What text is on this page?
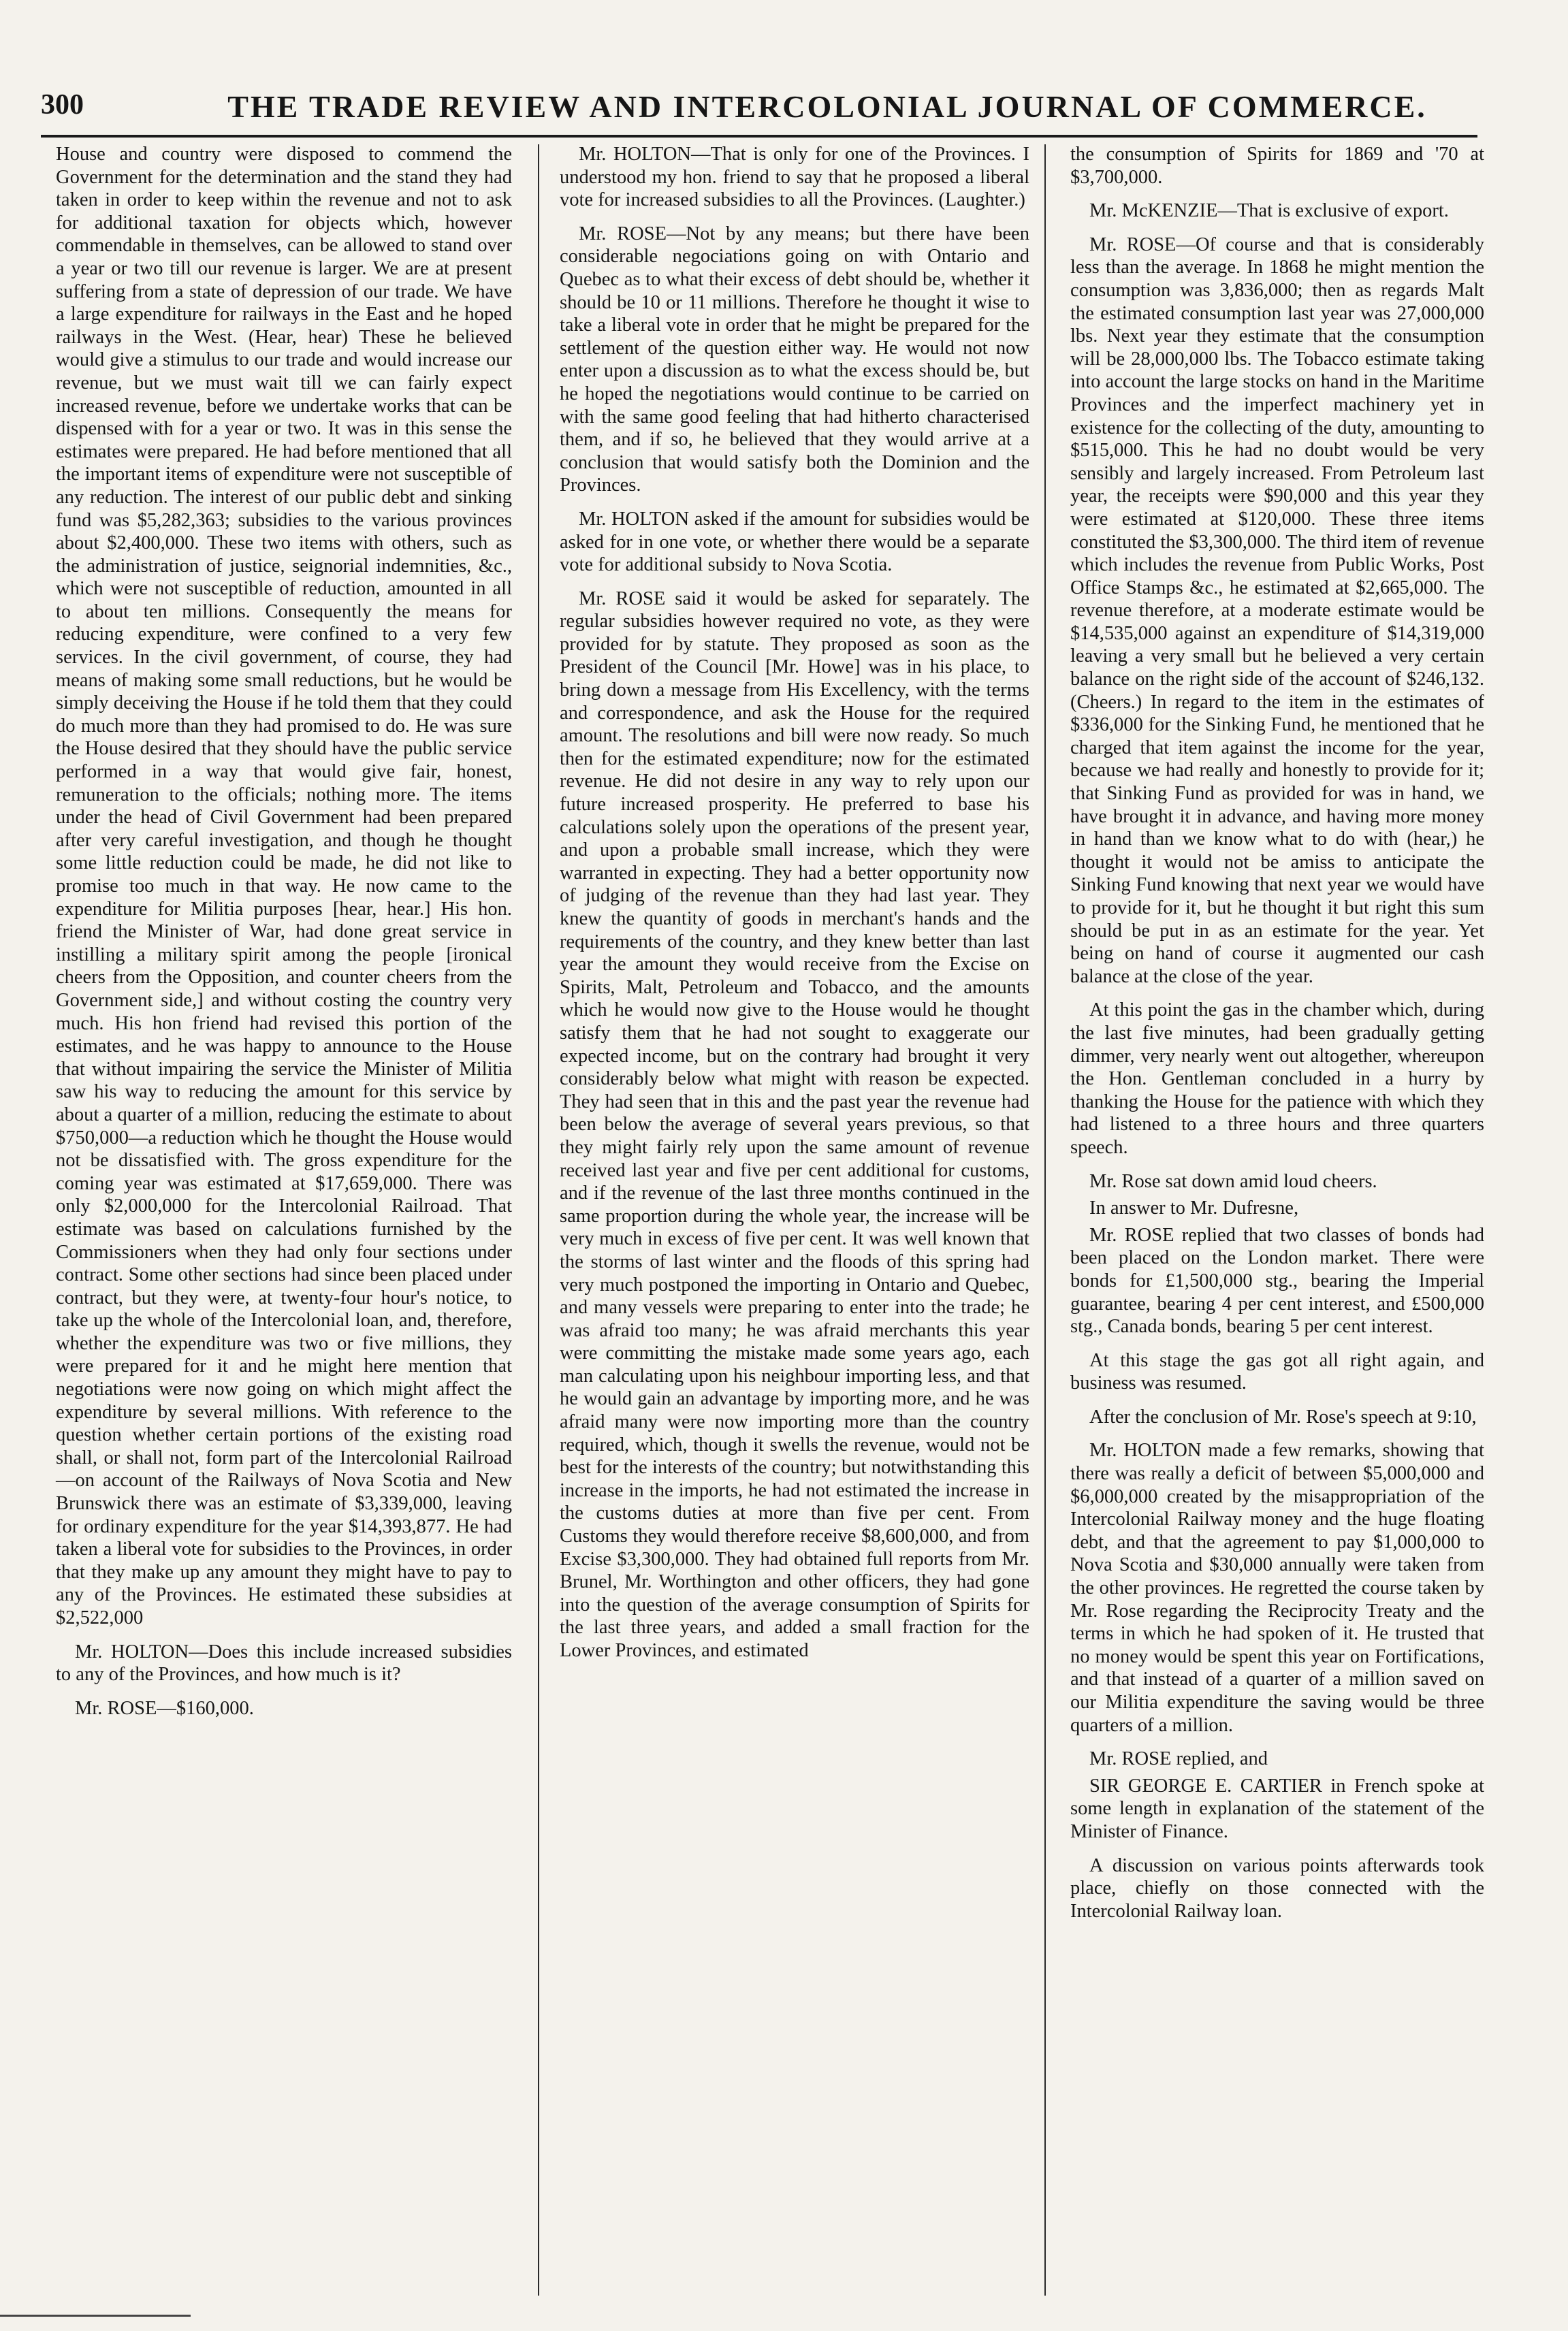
300	THE TRADE REVIEW AND INTERCOLONIAL JOURNAL OF COMMERCE.

House and country were disposed to commend the Government for the determination and the stand they had taken in order to keep within the revenue and not to ask for additional taxation for objects which, however commendable in themselves, can be allowed to stand over a year or two till our revenue is larger. We are at present suffering from a state of depression of our trade. We have a large expenditure for railways in the East and he hoped railways in the West. (Hear, hear) These he believed would give a stimulus to our trade and would increase our revenue, but we must wait till we can fairly expect increased revenue, before we undertake works that can be dispensed with for a year or two. It was in this sense the estimates were prepared. He had before mentioned that all the important items of expenditure were not susceptible of any reduction. The interest of our public debt and sinking fund was $5,282,363; subsidies to the various provinces about $2,400,000. These two items with others, such as the administration of justice, seignorial indemnities, &c., which were not susceptible of reduction, amounted in all to about ten millions. Consequently the means for reducing expenditure, were confined to a very few services. In the civil government, of course, they had means of making some small reductions, but he would be simply deceiving the House if he told them that they could do much more than they had promised to do. He was sure the House desired that they should have the public service performed in a way that would give fair, honest, remuneration to the officials; nothing more. The items under the head of Civil Government had been prepared after very careful investigation, and though he thought some little reduction could be made, he did not like to promise too much in that way. He now came to the expenditure for Militia purposes [hear, hear.] His hon. friend the Minister of War, had done great service in instilling a military spirit among the people [ironical cheers from the Opposition, and counter cheers from the Government side,] and without costing the country very much. His hon friend had revised this portion of the estimates, and he was happy to announce to the House that without impairing the service the Minister of Militia saw his way to reducing the amount for this service by about a quarter of a million, reducing the estimate to about $750,000—a reduction which he thought the House would not be dissatisfied with. The gross expenditure for the coming year was estimated at $17,659,000. There was only $2,000,000 for the Intercolonial Railroad. That estimate was based on calculations furnished by the Commissioners when they had only four sections under contract. Some other sections had since been placed under contract, but they were, at twenty-four hour's notice, to take up the whole of the Intercolonial loan, and, therefore, whether the expenditure was two or five millions, they were prepared for it and he might here mention that negotiations were now going on which might affect the expenditure by several millions. With reference to the question whether certain portions of the existing road shall, or shall not, form part of the Intercolonial Railroad—on account of the Railways of Nova Scotia and New Brunswick there was an estimate of $3,339,000, leaving for ordinary expenditure for the year $14,393,877. He had taken a liberal vote for subsidies to the Provinces, in order that they make up any amount they might have to pay to any of the Provinces. He estimated these subsidies at $2,522,000

Mr. HOLTON—Does this include increased subsidies to any of the Provinces, and how much is it?

Mr. ROSE—$160,000.

Mr. HOLTON—That is only for one of the Provinces. I understood my hon. friend to say that he proposed a liberal vote for increased subsidies to all the Provinces. (Laughter.)

Mr. ROSE—Not by any means; but there have been considerable negociations going on with Ontario and Quebec as to what their excess of debt should be, whether it should be 10 or 11 millions. Therefore he thought it wise to take a liberal vote in order that he might be prepared for the settlement of the question either way. He would not now enter upon a discussion as to what the excess should be, but he hoped the negotiations would continue to be carried on with the same good feeling that had hitherto characterised them, and if so, he believed that they would arrive at a conclusion that would satisfy both the Dominion and the Provinces.

Mr. HOLTON asked if the amount for subsidies would be asked for in one vote, or whether there would be a separate vote for additional subsidy to Nova Scotia.

Mr. ROSE said it would be asked for separately. The regular subsidies however required no vote, as they were provided for by statute. They proposed as soon as the President of the Council [Mr. Howe] was in his place, to bring down a message from His Excellency, with the terms and correspondence, and ask the House for the required amount. The resolutions and bill were now ready. So much then for the estimated expenditure; now for the estimated revenue. He did not desire in any way to rely upon our future increased prosperity. He preferred to base his calculations solely upon the operations of the present year, and upon a probable small increase, which they were warranted in expecting. They had a better opportunity now of judging of the revenue than they had last year. They knew the quantity of goods in merchant's hands and the requirements of the country, and they knew better than last year the amount they would receive from the Excise on Spirits, Malt, Petroleum and Tobacco, and the amounts which he would now give to the House would he thought satisfy them that he had not sought to exaggerate our expected income, but on the contrary had brought it very considerably below what might with reason be expected. They had seen that in this and the past year the revenue had been below the average of several years previous, so that they might fairly rely upon the same amount of revenue received last year and five per cent additional for customs, and if the revenue of the last three months continued in the same proportion during the whole year, the increase will be very much in excess of five per cent. It was well known that the storms of last winter and the floods of this spring had very much postponed the importing in Ontario and Quebec, and many vessels were preparing to enter into the trade; he was afraid too many; he was afraid merchants this year were committing the mistake made some years ago, each man calculating upon his neighbour importing less, and that he would gain an advantage by importing more, and he was afraid many were now importing more than the country required, which, though it swells the revenue, would not be best for the interests of the country; but notwithstanding this increase in the imports, he had not estimated the increase in the customs duties at more than five per cent. From Customs they would therefore receive $8,600,000, and from Excise $3,300,000. They had obtained full reports from Mr. Brunel, Mr. Worthington and other officers, they had gone into the question of the average consumption of Spirits for the last three years, and added a small fraction for the Lower Provinces, and estimated

the consumption of Spirits for 1869 and '70 at $3,700,000.

Mr. McKENZIE—That is exclusive of export.

Mr. ROSE—Of course and that is considerably less than the average. In 1868 he might mention the consumption was 3,836,000; then as regards Malt the estimated consumption last year was 27,000,000 lbs. Next year they estimate that the consumption will be 28,000,000 lbs. The Tobacco estimate taking into account the large stocks on hand in the Maritime Provinces and the imperfect machinery yet in existence for the collecting of the duty, amounting to $515,000. This he had no doubt would be very sensibly and largely increased. From Petroleum last year, the receipts were $90,000 and this year they were estimated at $120,000. These three items constituted the $3,300,000. The third item of revenue which includes the revenue from Public Works, Post Office Stamps &c., he estimated at $2,665,000. The revenue therefore, at a moderate estimate would be $14,535,000 against an expenditure of $14,319,000 leaving a very small but he believed a very certain balance on the right side of the account of $246,132. (Cheers.) In regard to the item in the estimates of $336,000 for the Sinking Fund, he mentioned that he charged that item against the income for the year, because we had really and honestly to provide for it; that Sinking Fund as provided for was in hand, we have brought it in advance, and having more money in hand than we know what to do with (hear,) he thought it would not be amiss to anticipate the Sinking Fund knowing that next year we would have to provide for it, but he thought it but right this sum should be put in as an estimate for the year. Yet being on hand of course it augmented our cash balance at the close of the year.

At this point the gas in the chamber which, during the last five minutes, had been gradually getting dimmer, very nearly went out altogether, whereupon the Hon. Gentleman concluded in a hurry by thanking the House for the patience with which they had listened to a three hours and three quarters speech.

Mr. Rose sat down amid loud cheers.

In answer to Mr. Dufresne,

Mr. ROSE replied that two classes of bonds had been placed on the London market. There were bonds for £1,500,000 stg., bearing the Imperial guarantee, bearing 4 per cent interest, and £500,000 stg., Canada bonds, bearing 5 per cent interest.

At this stage the gas got all right again, and business was resumed.

After the conclusion of Mr. Rose's speech at 9:10,

Mr. HOLTON made a few remarks, showing that there was really a deficit of between $5,000,000 and $6,000,000 created by the misappropriation of the Intercolonial Railway money and the huge floating debt, and that the agreement to pay $1,000,000 to Nova Scotia and $30,000 annually were taken from the other provinces. He regretted the course taken by Mr. Rose regarding the Reciprocity Treaty and the terms in which he had spoken of it. He trusted that no money would be spent this year on Fortifications, and that instead of a quarter of a million saved on our Militia expenditure the saving would be three quarters of a million.

Mr. ROSE replied, and

SIR GEORGE E. CARTIER in French spoke at some length in explanation of the statement of the Minister of Finance.

A discussion on various points afterwards took place, chiefly on those connected with the Intercolonial Railway loan.
